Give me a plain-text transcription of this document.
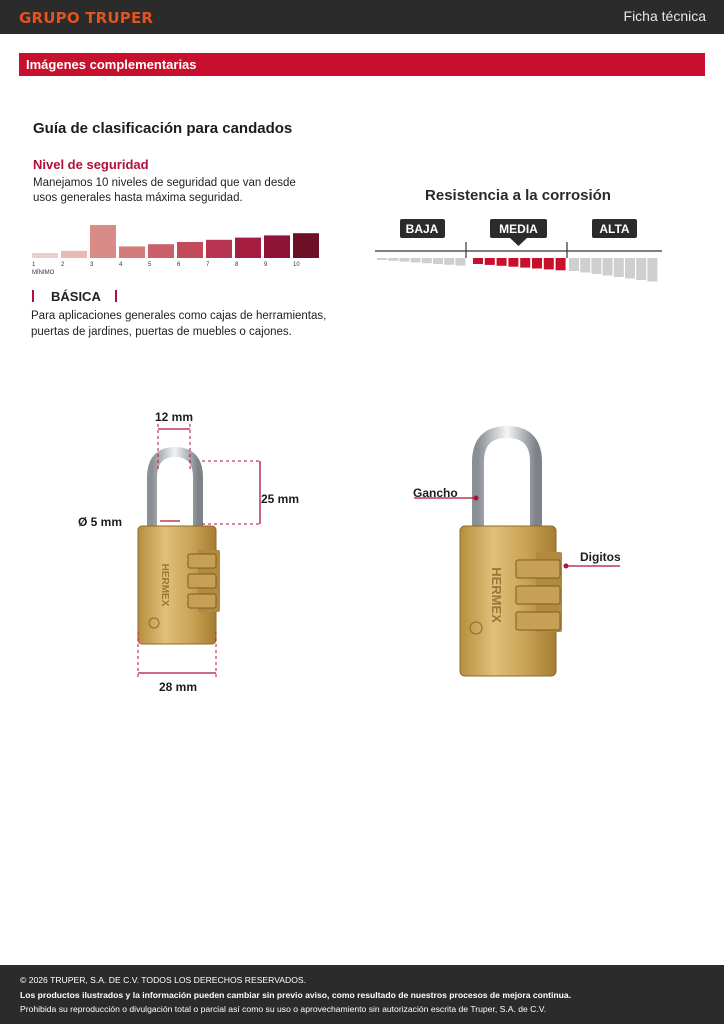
GRUPO TRUPER	Ficha técnica
Imágenes complementarias
Guía de clasificación para candados
Nivel de seguridad
Manejamos 10 niveles de seguridad que van desde usos generales hasta máxima seguridad.
1	2	3	4	5	6	7	8	9	10
MÍNIMO
BÁSICA
Para aplicaciones generales como cajas de herramientas, puertas de jardines, puertas de muebles o cajones.
Resistencia a la corrosión
BAJA	MEDIA	ALTA
HERMEX
12 mm
25 mm
Ø 5 mm
28 mm
HERMEX
Gancho
Digitos
© 2026 TRUPER, S.A. DE C.V. TODOS LOS DERECHOS RESERVADOS.
Los productos ilustrados y la información pueden cambiar sin previo aviso, como resultado de nuestros procesos de mejora continua.
Prohibida su reproducción o divulgación total o parcial así como su uso o aprovechamiento sin autorización escrita de Truper, S.A. de C.V.
